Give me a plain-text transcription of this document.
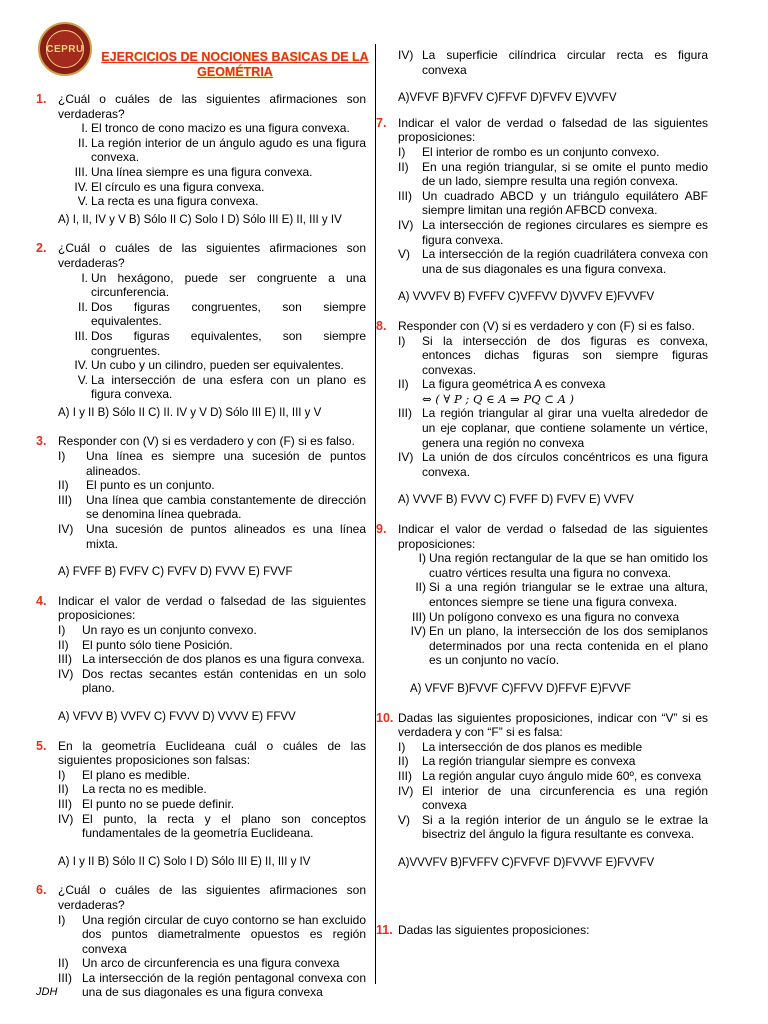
CEPRU
EJERCICIOS DE NOCIONES BASICAS DE LA GEOMÉTRIA
1. ¿Cuál o cuáles de las siguientes afirmaciones son verdaderas?
I. El tronco de cono macizo es una figura convexa.
II. La región interior de un ángulo agudo es una figura convexa.
III. Una línea siempre es una figura convexa.
IV. El círculo es una figura convexa.
V. La recta es una figura convexa.
A) I, II, IV y V B) Sólo II C) Solo I D) Sólo III E) II, III y IV
2. ¿Cuál o cuáles de las siguientes afirmaciones son verdaderas?
I. Un hexágono, puede ser congruente a una circunferencia.
II. Dos figuras congruentes, son siempre equivalentes.
III. Dos figuras equivalentes, son siempre congruentes.
IV. Un cubo y un cilindro, pueden ser equivalentes.
V. La intersección de una esfera con un plano es figura convexa.
A) I y II B) Sólo II C) II. IV y V D) Sólo III E) II, III y V
3. Responder con (V) si es verdadero y con (F) si es falso.
I)	Una línea es siempre una sucesión de puntos alineados.
II)	El punto es un conjunto.
III)	Una línea que cambia constantemente de dirección se denomina línea quebrada.
IV)	Una sucesión de puntos alineados es una línea mixta.
A) FVFF B) FVFV C) FVFV D) FVVV E) FVVF
4. Indicar el valor de verdad o falsedad de las siguientes proposiciones:
I)	Un rayo es un conjunto convexo.
II)	El punto sólo tiene Posición.
III) La intersección de dos planos es una figura convexa.
IV) Dos rectas secantes están contenidas en un solo plano.
A) VFVV B) VVFV C) FVVV D) VVVV E) FFVV
5. En la geometría Euclideana cuál o cuáles de las siguientes proposiciones son falsas:
I)	El plano es medible.
II)	La recta no es medible.
III) El punto no se puede definir.
IV) El punto, la recta y el plano son conceptos fundamentales de la geometría Euclideana.
A) I y II B) Sólo II C) Solo I D) Sólo III E) II, III y IV
6. ¿Cuál o cuáles de las siguientes afirmaciones son verdaderas?
I)	Una región circular de cuyo contorno se han excluido dos puntos diametralmente opuestos es región convexa
II)	Un arco de circunferencia es una figura convexa
III) La intersección de la región pentagonal convexa con una de sus diagonales es una figura convexa
IV) La superficie cilíndrica circular recta es figura convexa
A)VFVF B)FVFV C)FFVF D)FVFV E)VVFV
7. Indicar el valor de verdad o falsedad de las siguientes proposiciones:
I)	El interior de rombo es un conjunto convexo.
II)	En una región triangular, si se omite el punto medio de un lado, siempre resulta una región convexa.
III) Un cuadrado ABCD y un triángulo equilátero ABF siempre limitan una región AFBCD convexa.
IV) La intersección de regiones circulares es siempre es figura convexa.
V)	La intersección de la región cuadrilátera convexa con una de sus diagonales es una figura convexa.
A) VVVFV B) FVFFV C)VFFVV D)VVFV E)FVVFV
8. Responder con (V) si es verdadero y con (F) si es falso.
I)	Si la intersección de dos figuras es convexa, entonces dichas figuras son siempre figuras convexas.
II)	La figura geométrica A es convexa
⇔ ( ∀ P ; Q ∈ A ⇒ PQ ⊂ A )
III) La región triangular al girar una vuelta alrededor de un eje coplanar, que contiene solamente un vértice, genera una región no convexa
IV) La unión de dos círculos concéntricos es una figura convexa.
A) VVVF B) FVVV C) FVFF D) FVFV E) VVFV
9. Indicar el valor de verdad o falsedad de las siguientes proposiciones:
I) Una región rectangular de la que se han omitido los cuatro vértices resulta una figura no convexa.
II) Si a una región triangular se le extrae una altura, entonces siempre se tiene una figura convexa.
III) Un polígono convexo es una figura no convexa
IV) En un plano, la intersección de los dos semiplanos determinados por una recta contenida en el plano es un conjunto no vacío.
A) VFVF B)FVVF C)FFVV D)FFVF E)FVVF
10. Dadas las siguientes proposiciones, indicar con “V” si es verdadera y con “F” si es falsa:
I)	La intersección de dos planos es medible
II)	La región triangular siempre es convexa
III) La región angular cuyo ángulo mide 60º, es convexa
IV) El interior de una circunferencia es una región convexa
V)	Si a la región interior de un ángulo se le extrae la bisectriz del ángulo la figura resultante es convexa.
A)VVVFV B)FVFFV C)FVFVF D)FVVVF E)FVVFV
11. Dadas las siguientes proposiciones:
JDH
